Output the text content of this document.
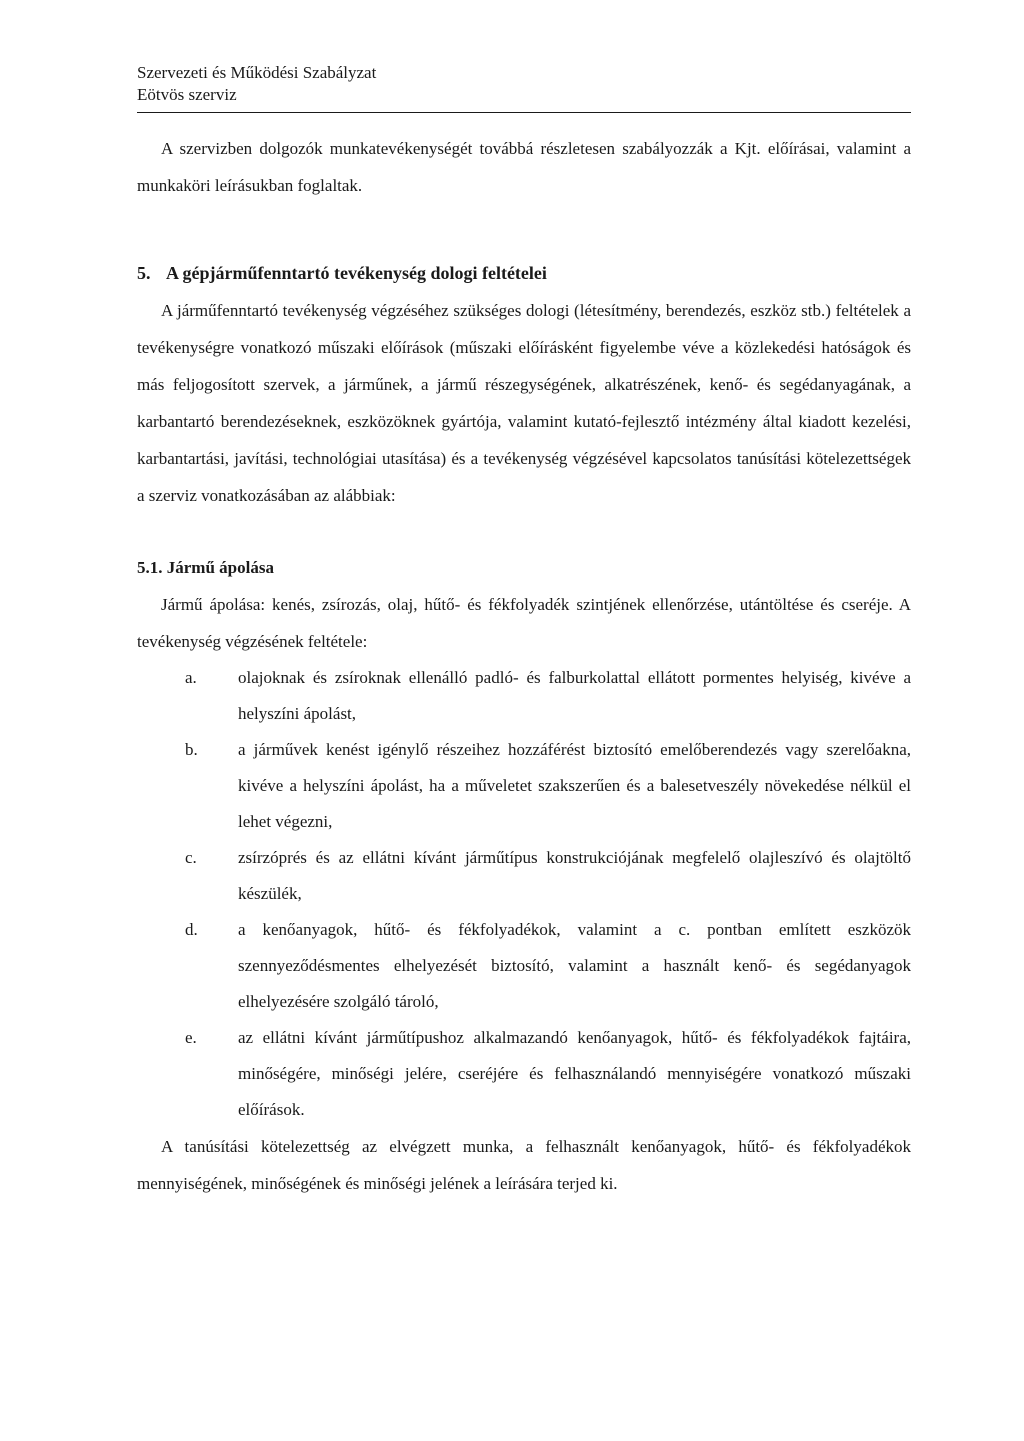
Szervezeti és Működési Szabályzat
Eötvös szerviz

A szervizben dolgozók munkatevékenységét továbbá részletesen szabályozzák a Kjt. előírásai, valamint a munkaköri leírásukban foglaltak.

5. A gépjárműfenntartó tevékenység dologi feltételei

A járműfenntartó tevékenység végzéséhez szükséges dologi (létesítmény, berendezés, eszköz stb.) feltételek a tevékenységre vonatkozó műszaki előírások (műszaki előírásként figyelembe véve a közlekedési hatóságok és más feljogosított szervek, a járműnek, a jármű részegységének, alkatrészének, kenő- és segédanyagának, a karbantartó berendezéseknek, eszközöknek gyártója, valamint kutató-fejlesztő intézmény által kiadott kezelési, karbantartási, javítási, technológiai utasítása) és a tevékenység végzésével kapcsolatos tanúsítási kötelezettségek a szerviz vonatkozásában az alábbiak:

5.1. Jármű ápolása

Jármű ápolása: kenés, zsírozás, olaj, hűtő- és fékfolyadék szintjének ellenőrzése, utántöltése és cseréje. A tevékenység végzésének feltétele:

a. olajoknak és zsíroknak ellenálló padló- és falburkolattal ellátott pormentes helyiség, kivéve a helyszíni ápolást,
b. a járművek kenést igénylő részeihez hozzáférést biztosító emelőberendezés vagy szerelőakna, kivéve a helyszíni ápolást, ha a műveletet szakszerűen és a balesetveszély növekedése nélkül el lehet végezni,
c. zsírzóprés és az ellátni kívánt járműtípus konstrukciójának megfelelő olajleszívó és olajtöltő készülék,
d. a kenőanyagok, hűtő- és fékfolyadékok, valamint a c. pontban említett eszközök szennyeződésmentes elhelyezését biztosító, valamint a használt kenő- és segédanyagok elhelyezésére szolgáló tároló,
e. az ellátni kívánt járműtípushoz alkalmazandó kenőanyagok, hűtő- és fékfolyadékok fajtáira, minőségére, minőségi jelére, cseréjére és felhasználandó mennyiségére vonatkozó műszaki előírások.

A tanúsítási kötelezettség az elvégzett munka, a felhasznált kenőanyagok, hűtő- és fékfolyadékok mennyiségének, minőségének és minőségi jelének a leírására terjed ki.
